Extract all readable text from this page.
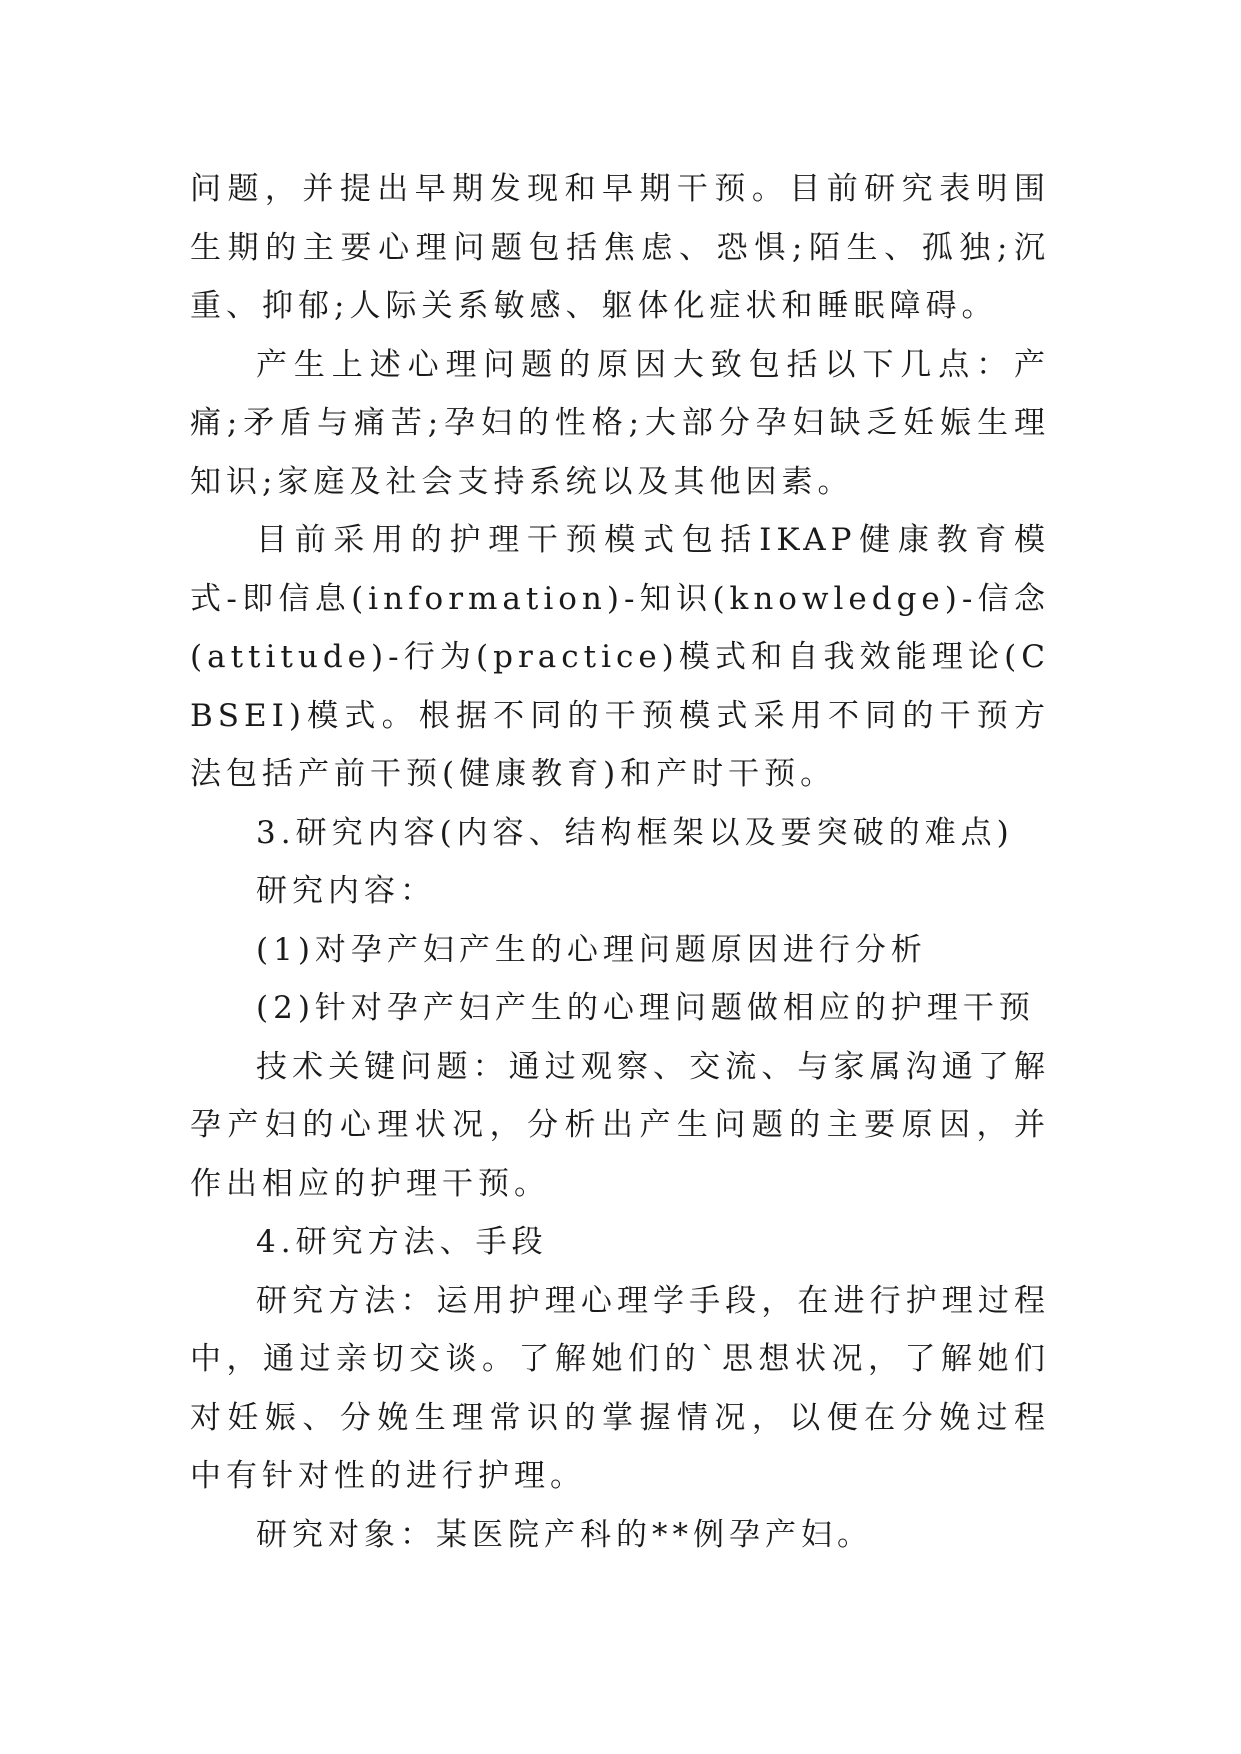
问题，并提出早期发现和早期干预。目前研究表明围生期的主要心理问题包括焦虑、恐惧;陌生、孤独;沉重、抑郁;人际关系敏感、躯体化症状和睡眠障碍。

产生上述心理问题的原因大致包括以下几点：产痛;矛盾与痛苦;孕妇的性格;大部分孕妇缺乏妊娠生理知识;家庭及社会支持系统以及其他因素。

目前采用的护理干预模式包括IKAP健康教育模式-即信息(information)-知识(knowledge)-信念(attitude)-行为(practice)模式和自我效能理论(CBSEI)模式。根据不同的干预模式采用不同的干预方法包括产前干预(健康教育)和产时干预。

3.研究内容(内容、结构框架以及要突破的难点)

研究内容：

(1)对孕产妇产生的心理问题原因进行分析

(2)针对孕产妇产生的心理问题做相应的护理干预

技术关键问题：通过观察、交流、与家属沟通了解孕产妇的心理状况，分析出产生问题的主要原因，并作出相应的护理干预。

4.研究方法、手段

研究方法：运用护理心理学手段，在进行护理过程中，通过亲切交谈。了解她们的`思想状况，了解她们对妊娠、分娩生理常识的掌握情况，以便在分娩过程中有针对性的进行护理。

研究对象：某医院产科的**例孕产妇。
